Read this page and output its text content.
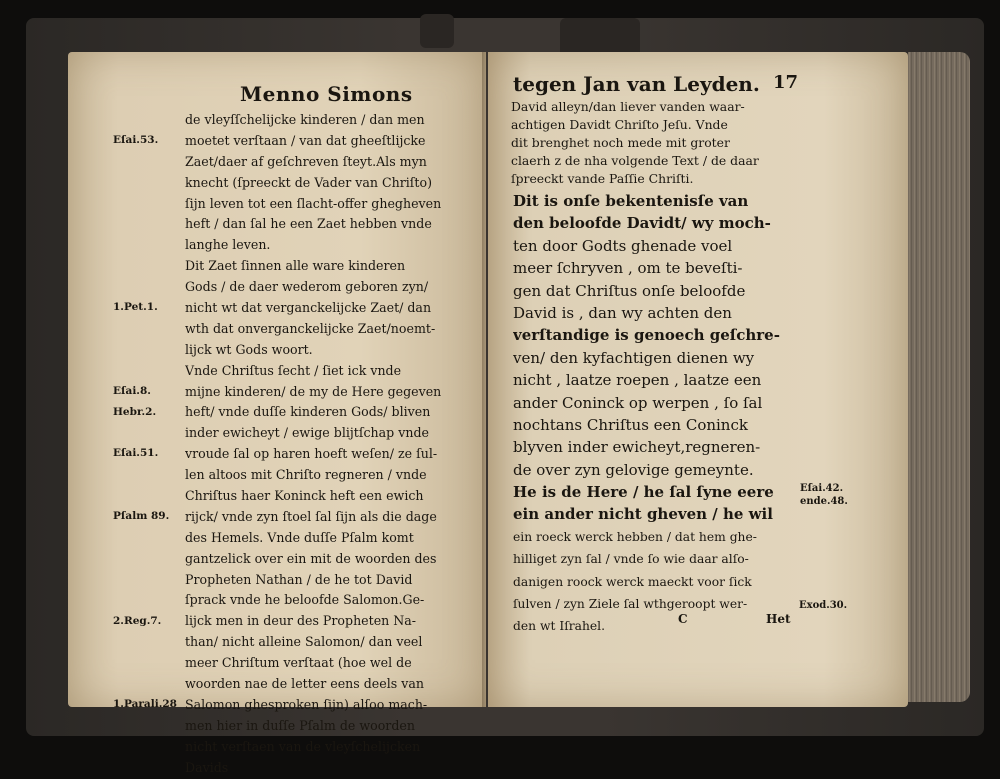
Menno Simons
de vleyſſchelijcke kinderen / dan men
moetet verſtaan / van dat gheeſtlijcke
Zaet/daer af geſchreven ſteyt.Als myn
knecht (ſpreeckt de Vader van Chriſto)
ſijn leven tot een ſlacht-offer ghegheven
heft / dan ſal he een Zaet hebben vnde
langhe leven.
Dit Zaet ſinnen alle ware kinderen
Gods / de daer wederom geboren zyn/
nicht wt dat verganckelijcke Zaet/ dan
wth dat onverganckelijcke Zaet/noemt-
lijck wt Gods woort.
Vnde Chriſtus ſecht / ſiet ick vnde
mijne kinderen/ de my de Here gegeven
heft/ vnde duſſe kinderen Gods/ bliven
inder ewicheyt / ewige blijtſchap vnde
vroude ſal op haren hoeft weſen/ ze ſul-
len altoos mit Chriſto regneren / vnde
Chriſtus haer Koninck heft een ewich
rijck/ vnde zyn ſtoel ſal ſijn als die dage
des Hemels. Vnde duſſe Pſalm komt
gantzelick over ein mit de woorden des
Propheten Nathan / de he tot David
ſprack vnde he beloofde Salomon.Ge-
lijck men in deur des Propheten Na-
than/ nicht alleine Salomon/ dan veel
meer Chriſtum verſtaat (hoe wel de
woorden nae de letter eens deels van
Salomon ghesproken ſijn) alſoo mach-
men hier in duſſe Pſalm de woorden
nicht verſtaen van de vleyſchelijcken
Davids
Eſai.53.
1.Pet.1.
Eſai.8.
Hebr.2.
Eſai.51.
Pſalm 89.
2.Reg.7.
1.Parali.28
tegen Jan van Leyden. 17
David alleyn/dan liever vanden waar-
achtigen Davidt Chriſto Jeſu. Vnde
dit brenghet noch mede mit groter
claerh z de nha volgende Text / de daar
ſpreeckt vande Paſſie Chriſti.
Dit is onſe bekentenisſe van
den beloofde Davidt/ wy moch-
ten door Godts ghenade voel
meer ſchryven , om te beveſti-
gen dat Chriſtus onſe beloofde
David is , dan wy achten den
verſtandige is genoech geſchre-
ven/ den kyfachtigen dienen wy
nicht , laatze roepen , laatze een
ander Coninck op werpen , ſo ſal
nochtans Chriſtus een Coninck
blyven inder ewicheyt,regneren-
de over zyn gelovige gemeynte.
He is de Here / he ſal ſyne eere
ein ander nicht gheven / he wil
ein roeck werck hebben / dat hem ghe-
hilliget zyn ſal / vnde ſo wie daar alſo-
danigen roock werck maeckt voor ſick
ſulven / zyn Ziele ſal wthgeroopt wer-
den wt Iſrahel.
Eſai.42.
ende.48.
Exod.30.
C	Het
